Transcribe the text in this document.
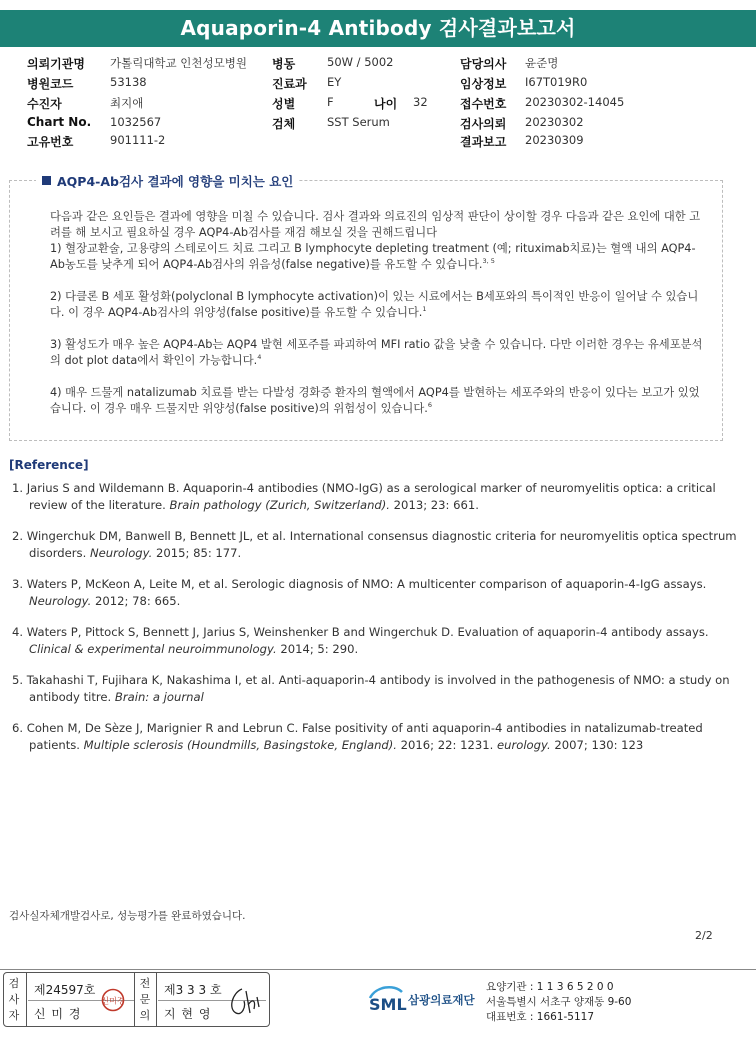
Aquaporin-4 Antibody 검사결과보고서
의뢰기관명 가톨릭대학교 인천성모병원
병원코드	53138
수진자	최지애
Chart No. 1032567
고유번호	901111-2
병동	50W / 5002
진료과 EY
성별	F	나이 32
검체	SST Serum
담당의사 윤준명
임상정보 I67T019R0
접수번호 20230302-14045
검사의뢰 20230302
결과보고 20230309
AQP4-Ab검사 결과에 영향을 미치는 요인

다음과 같은 요인들은 결과에 영향을 미칠 수 있습니다. 검사 결과와 의료진의 임상적 판단이 상이할 경우 다음과 같은 요인에 대한 고려를 해 보시고 필요하실 경우 AQP4-Ab검사를 재검 해보실 것을 권해드립니다

1) 혈장교환술, 고용량의 스테로이드 치료 그리고 B lymphocyte depleting treatment (예; rituximab치료)는 혈액 내의 AQP4-Ab농도를 낮추게 되어 AQP4-Ab검사의 위음성(false negative)를 유도할 수 있습니다.$^{3, 5}$

2) 다클론 B 세포 활성화(polyclonal B lymphocyte activation)이 있는 시료에서는 B세포와의 특이적인 반응이 일어날 수 있습니다. 이 경우 AQP4-Ab검사의 위양성(false positive)를 유도할 수 있습니다.$^1$

3) 활성도가 매우 높은 AQP4-Ab는 AQP4 발현 세포주를 파괴하여 MFI ratio 값을 낮출 수 있습니다. 다만 이러한 경우는 유세포분석의 dot plot data에서 확인이 가능합니다.$^4$

4) 매우 드물게 natalizumab 치료를 받는 다발성 경화증 환자의 혈액에서 AQP4를 발현하는 세포주와의 반응이 있다는 보고가 있었습니다. 이 경우 매우 드물지만 위양성(false positive)의 위험성이 있습니다.$^6$

[Reference]
1. Jarius S and Wildemann B. Aquaporin-4 antibodies (NMO-IgG) as a serological marker of neuromyelitis optica: a critical review of the literature. Brain pathology (Zurich, Switzerland). 2013; 23: 661.
2. Wingerchuk DM, Banwell B, Bennett JL, et al. International consensus diagnostic criteria for neuromyelitis optica spectrum disorders. Neurology. 2015; 85: 177.
3. Waters P, McKeon A, Leite M, et al. Serologic diagnosis of NMO: A multicenter comparison of aquaporin-4-IgG assays. Neurology. 2012; 78: 665.
4. Waters P, Pittock S, Bennett J, Jarius S, Weinshenker B and Wingerchuk D. Evaluation of aquaporin-4 antibody assays. Clinical & experimental neuroimmunology. 2014; 5: 290.
5. Takahashi T, Fujihara K, Nakashima I, et al. Anti-aquaporin-4 antibody is involved in the pathogenesis of NMO: a study on antibody titre. Brain: a journal
6. Cohen M, De Sèze J, Marignier R and Lebrun C. False positivity of anti aquaporin-4 antibodies in natalizumab-treated patients. Multiple sclerosis (Houndmills, Basingstoke, England). 2016; 22: 1231. eurology. 2007; 130: 123
검사실자체개발검사로, 성능평가를 완료하였습니다.
2/2
검
사
자
제24597호
신 미 경
신미경
전
문
의
제3 3 3 호
지 현 영	SML 삼광의료재단
요양기관 : 1 1 3 6 5 2 0 0
서울특별시 서초구 양재동 9-60
대표번호 : 1661-5117
